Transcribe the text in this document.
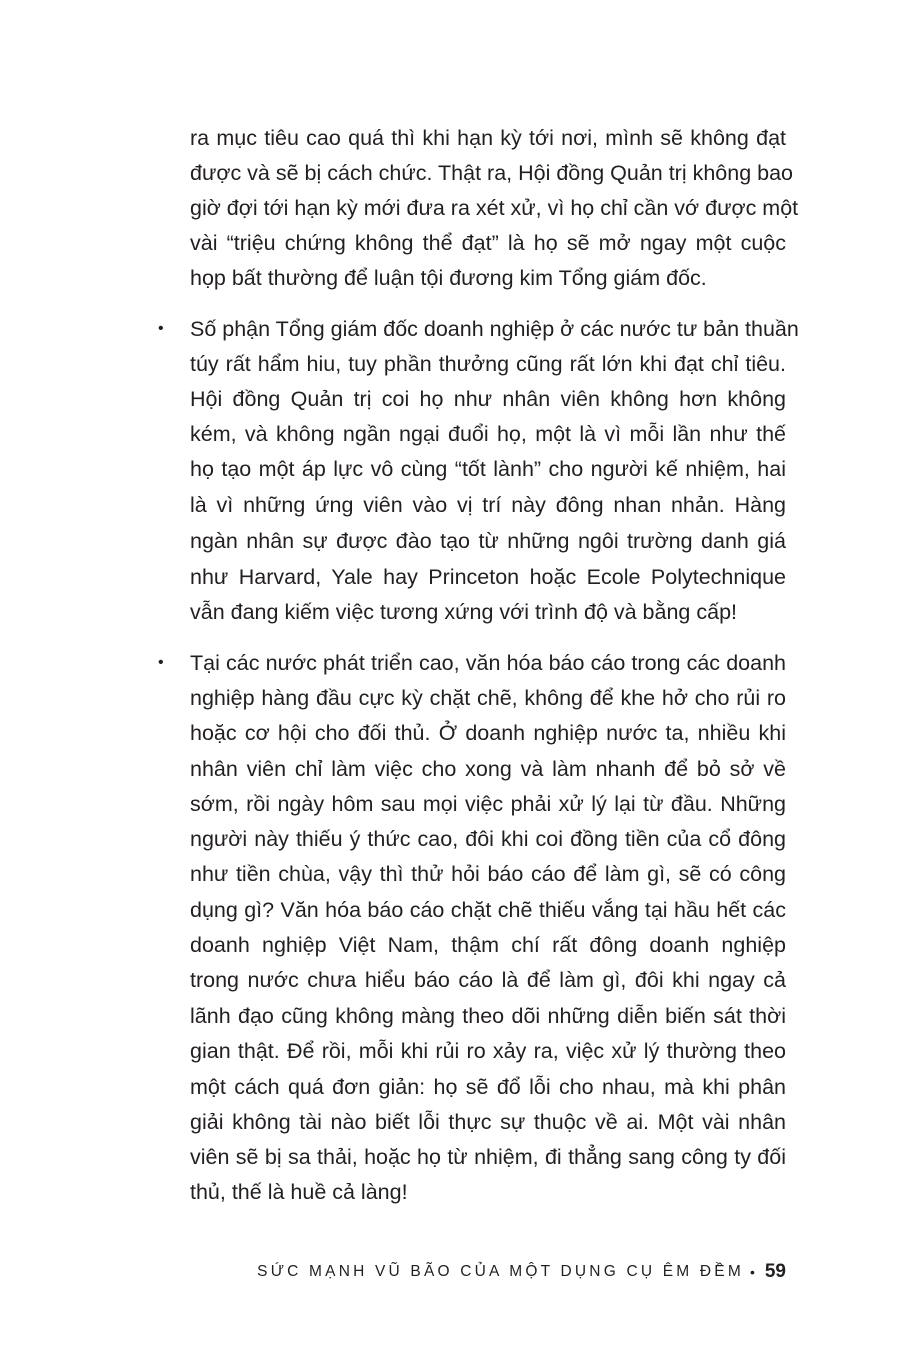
ra mục tiêu cao quá thì khi hạn kỳ tới nơi, mình sẽ không đạt
được và sẽ bị cách chức. Thật ra, Hội đồng Quản trị không bao
giờ đợi tới hạn kỳ mới đưa ra xét xử, vì họ chỉ cần vớ được một
vài “triệu chứng không thể đạt” là họ sẽ mở ngay một cuộc
họp bất thường để luận tội đương kim Tổng giám đốc.
• Số phận Tổng giám đốc doanh nghiệp ở các nước tư bản thuần
túy rất hẩm hiu, tuy phần thưởng cũng rất lớn khi đạt chỉ tiêu.
Hội đồng Quản trị coi họ như nhân viên không hơn không
kém, và không ngần ngại đuổi họ, một là vì mỗi lần như thế
họ tạo một áp lực vô cùng “tốt lành” cho người kế nhiệm, hai
là vì những ứng viên vào vị trí này đông nhan nhản. Hàng
ngàn nhân sự được đào tạo từ những ngôi trường danh giá
như Harvard, Yale hay Princeton hoặc Ecole Polytechnique
vẫn đang kiếm việc tương xứng với trình độ và bằng cấp!
• Tại các nước phát triển cao, văn hóa báo cáo trong các doanh
nghiệp hàng đầu cực kỳ chặt chẽ, không để khe hở cho rủi ro
hoặc cơ hội cho đối thủ. Ở doanh nghiệp nước ta, nhiều khi
nhân viên chỉ làm việc cho xong và làm nhanh để bỏ sở về
sớm, rồi ngày hôm sau mọi việc phải xử lý lại từ đầu. Những
người này thiếu ý thức cao, đôi khi coi đồng tiền của cổ đông
như tiền chùa, vậy thì thử hỏi báo cáo để làm gì, sẽ có công
dụng gì? Văn hóa báo cáo chặt chẽ thiếu vắng tại hầu hết các
doanh nghiệp Việt Nam, thậm chí rất đông doanh nghiệp
trong nước chưa hiểu báo cáo là để làm gì, đôi khi ngay cả
lãnh đạo cũng không màng theo dõi những diễn biến sát thời
gian thật. Để rồi, mỗi khi rủi ro xảy ra, việc xử lý thường theo
một cách quá đơn giản: họ sẽ đổ lỗi cho nhau, mà khi phân
giải không tài nào biết lỗi thực sự thuộc về ai. Một vài nhân
viên sẽ bị sa thải, hoặc họ từ nhiệm, đi thẳng sang công ty đối
thủ, thế là huề cả làng!
SỨC MẠNH VŨ BÃO CỦA MỘT DỤNG CỤ ÊM ĐỀM • 59
